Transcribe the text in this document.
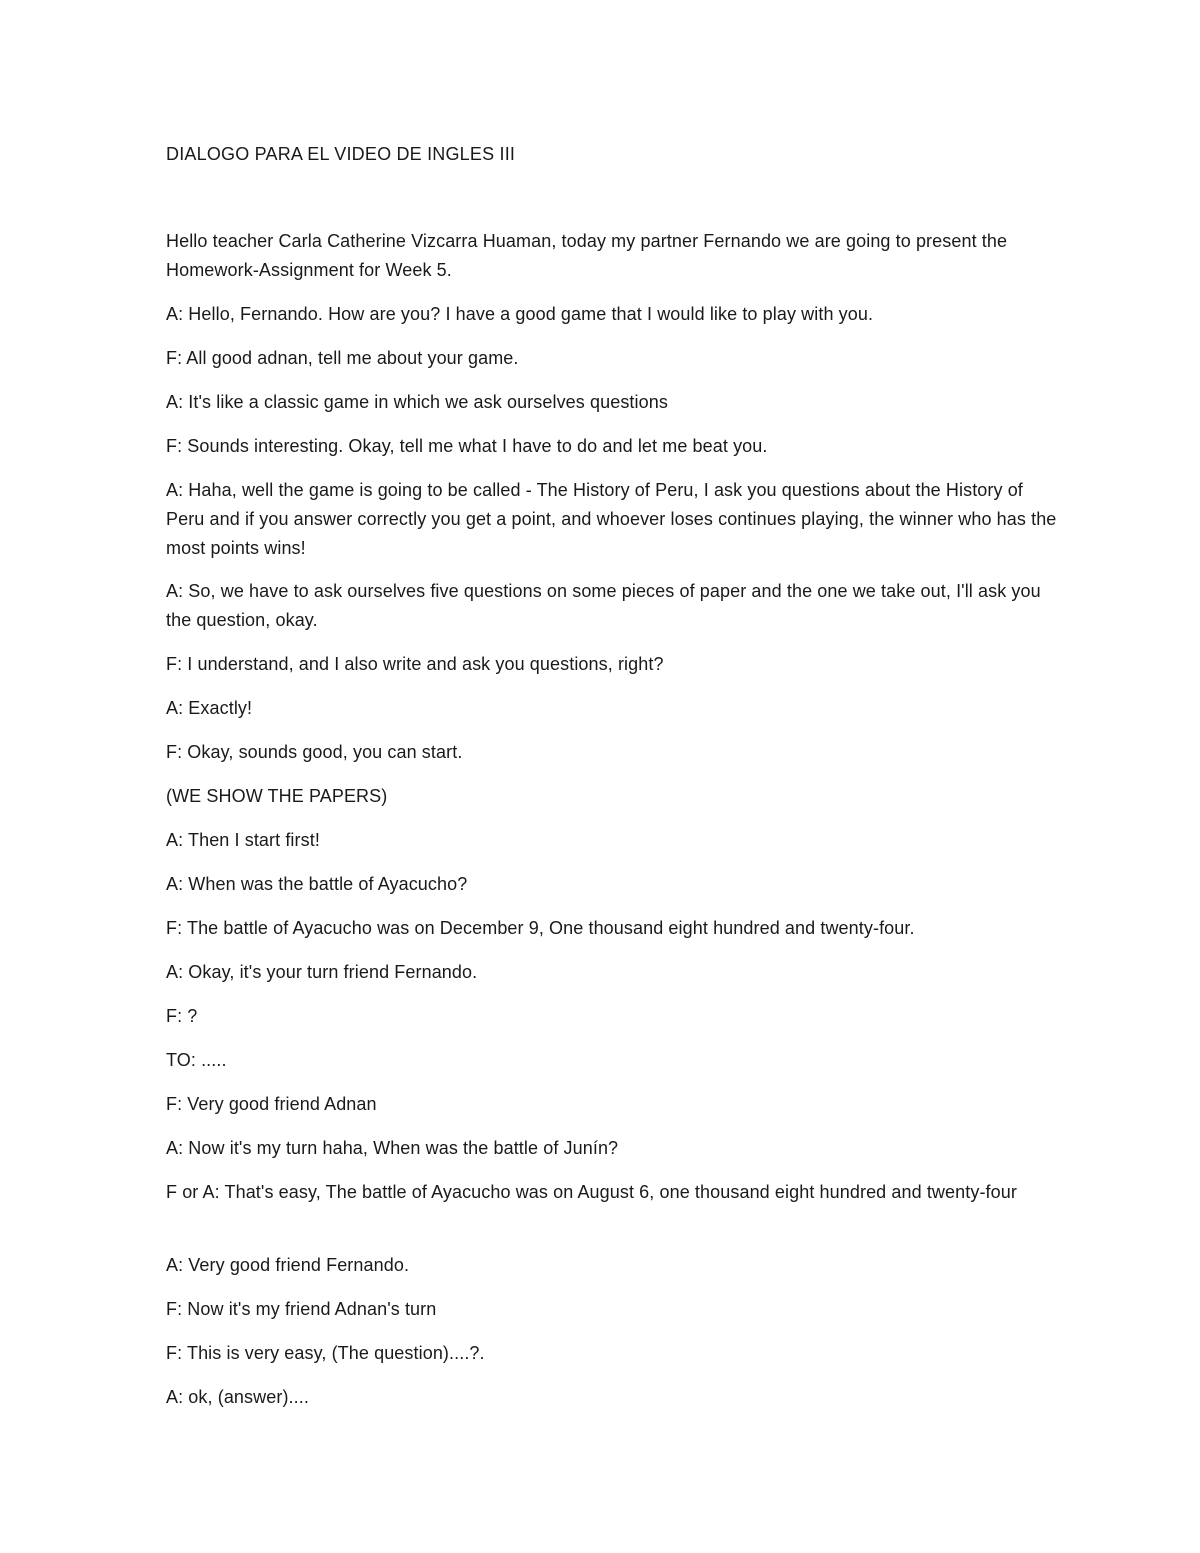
DIALOGO PARA EL VIDEO DE INGLES III
Hello teacher Carla Catherine Vizcarra Huaman, today my partner Fernando we are going to present the Homework-Assignment for Week 5.
A: Hello, Fernando. How are you? I have a good game that I would like to play with you.
F: All good adnan, tell me about your game.
A: It's like a classic game in which we ask ourselves questions
F: Sounds interesting. Okay, tell me what I have to do and let me beat you.
A: Haha, well the game is going to be called - The History of Peru, I ask you questions about the History of Peru and if you answer correctly you get a point, and whoever loses continues playing, the winner who has the most points wins!
A: So, we have to ask ourselves five questions on some pieces of paper and the one we take out, I'll ask you the question, okay.
F: I understand, and I also write and ask you questions, right?
A: Exactly!
F: Okay, sounds good, you can start.
(WE SHOW THE PAPERS)
A: Then I start first!
A: When was the battle of Ayacucho?
F: The battle of Ayacucho was on December 9, One thousand eight hundred and twenty-four.
A: Okay, it's your turn friend Fernando.
F: ?
TO: .....
F: Very good friend Adnan
A: Now it's my turn haha, When was the battle of Junín?
F or A: That's easy, The battle of Ayacucho was on August 6, one thousand eight hundred and twenty-four
A: Very good friend Fernando.
F: Now it's my friend Adnan's turn
F: This is very easy, (The question)....?.
A: ok, (answer)....
